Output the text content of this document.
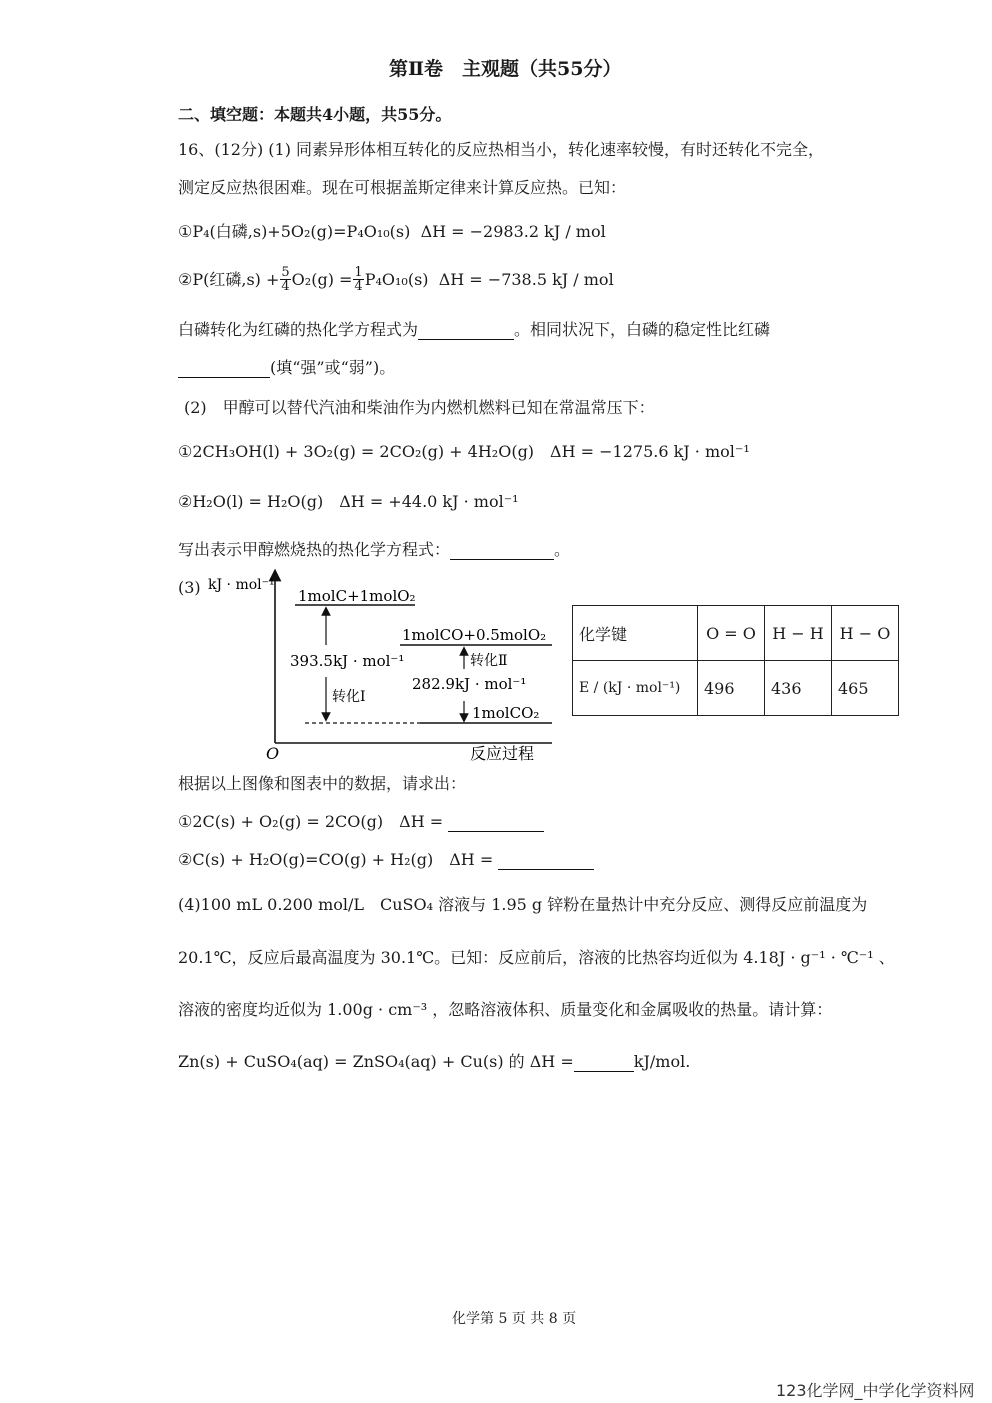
第Ⅱ卷　主观题（共55分）
二、填空题：本题共4小题，共55分。
16、(12分) (1) 同素异形体相互转化的反应热相当小，转化速率较慢，有时还转化不完全，
测定反应热很困难。现在可根据盖斯定律来计算反应热。已知：
①P₄(白磷,s)+5O₂(g)=P₄O₁₀(s) ΔH = −2983.2 kJ / mol
② P(红磷$,s) + \frac{5}{4} O_2(g) = \frac{1}{4} P_4O_{10}(s)$
ΔH = −738.5 kJ / mol
白磷转化为红磷的热化学方程式为	。相同状况下，白磷的稳定性比红磷
(填“强”或“弱”)。
(2)　甲醇可以替代汽油和柴油作为内燃机燃料已知在常温常压下：
①2CH₃OH(l) + 3O₂(g) = 2CO₂(g) + 4H₂O(g)　ΔH = −1275.6 kJ · mol⁻¹
②H₂O(l) = H₂O(g)　ΔH = +44.0 kJ · mol⁻¹
写出表示甲醇燃烧热的热化学方程式：	。
(3) kJ · mol⁻¹
O	反应过程
1molC+1molO₂
1molCO+0.5molO₂
1molCO₂
393.5kJ · mol⁻¹
转化Ⅰ
转化Ⅱ
282.9kJ · mol⁻¹
化学键	O = O	H − H	H − O
E / (kJ · mol⁻¹)	496	436	465
根据以上图像和图表中的数据，请求出：
①2C(s) + O₂(g) = 2CO(g)　ΔH =
②C(s) + H₂O(g)=CO(g) + H₂(g)　ΔH =
(4)100 mL 0.200 mol/L　CuSO₄ 溶液与 1.95 g 锌粉在量热计中充分反应、测得反应前温度为
20.1℃，反应后最高温度为 30.1℃。已知：反应前后，溶液的比热容均近似为 4.18J · g⁻¹ · ℃⁻¹ 、
溶液的密度均近似为 1.00g · cm⁻³ ，忽略溶液体积、质量变化和金属吸收的热量。请计算：
Zn(s) + CuSO₄(aq) = ZnSO₄(aq) + Cu(s) 的 ΔH =	kJ/mol.
化学第 5 页 共 8 页
123化学网_中学化学资料网
